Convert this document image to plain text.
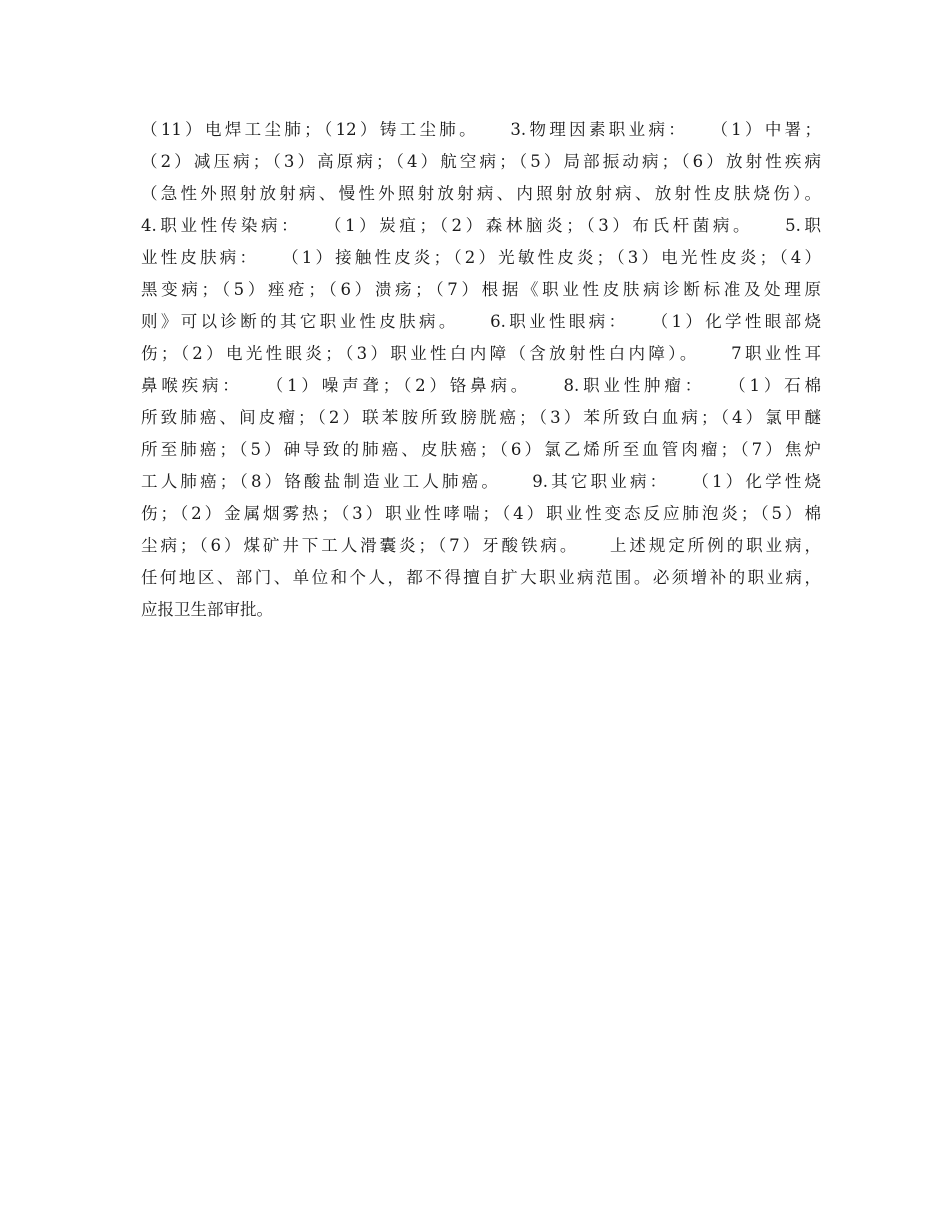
（11）电焊工尘肺；（12）铸工尘肺。　　3.物理因素职业病：　　（1）中署；
（2）减压病；（3）高原病；（4）航空病；（5）局部振动病；（6）放射性疾病
（急性外照射放射病、慢性外照射放射病、内照射放射病、放射性皮肤烧伤）。
4.职业性传染病：　　（1）炭疽；（2）森林脑炎；（3）布氏杆菌病。　　5.职
业性皮肤病：　　（1）接触性皮炎；（2）光敏性皮炎；（3）电光性皮炎；（4）
黑变病；（5）痤疮；（6）溃疡；（7）根据《职业性皮肤病诊断标准及处理原
则》可以诊断的其它职业性皮肤病。　　6.职业性眼病：　　（1）化学性眼部烧
伤；（2）电光性眼炎；（3）职业性白内障（含放射性白内障）。　　7职业性耳
鼻喉疾病：　　（1）噪声聋；（2）铬鼻病。　　8.职业性肿瘤：　　（1）石棉
所致肺癌、间皮瘤；（2）联苯胺所致膀胱癌；（3）苯所致白血病；（4）氯甲醚
所至肺癌；（5）砷导致的肺癌、皮肤癌；（6）氯乙烯所至血管肉瘤；（7）焦炉
工人肺癌；（8）铬酸盐制造业工人肺癌。　　9.其它职业病：　　（1）化学性烧
伤；（2）金属烟雾热；（3）职业性哮喘；（4）职业性变态反应肺泡炎；（5）棉
尘病；（6）煤矿井下工人滑囊炎；（7）牙酸铁病。　　上述规定所例的职业病，
任何地区、部门、单位和个人，都不得擅自扩大职业病范围。必须增补的职业病，
应报卫生部审批。
